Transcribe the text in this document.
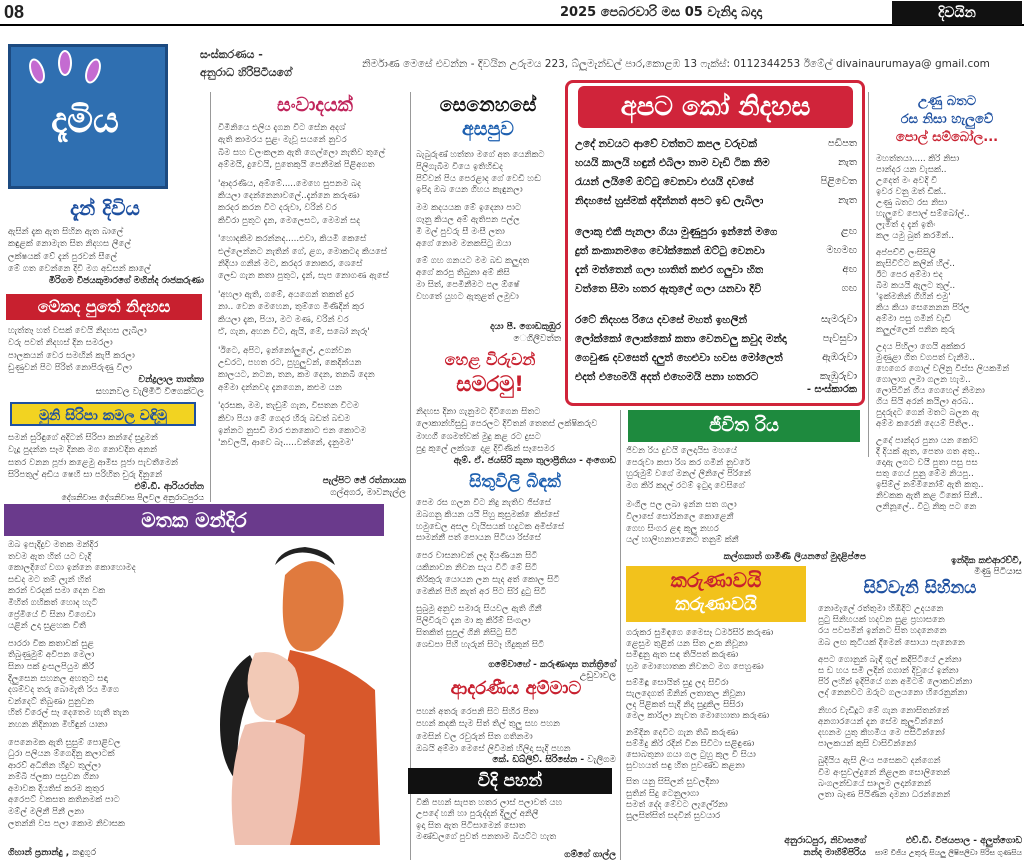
08	2025 පෙබරවාරි මස 05 වැනිදා බදාදා	දිවයින
දෑමිය
සංස්කරණය -
අනුරාධ හිරිපිටියගේ
නිර්මාණ මෙසේ එවන්න - දිවයින උරුමය 223, බ්ලූමැන්ඩල් පාර,කොළඹ 13 ෆැක්ස්: 0112344253 ඊමේල් divainaurumaya@ gmail.com
දැන් දිවිය

ඇසින් දැක ඇත සිහින ඇත බාලේ

කඳුළක් නොමැත සිත නිදහස ලීලේ

ලක්ෂයක් වේ දැන් පුරවන් සීලේ

මේ ගත වෙන්නෙ දිවි මග අඩසන් කාලේ

මිරිගම විජයකුමාරගේ මහින්ද රාජකරුණා
මේකද පුතේ නිදහස

හැත්තෑ හත් වසක් වෙයි නිදහස ලැබිලා

වරු පවත් නිදහස් දින සමරලා

පාලකයන් වෙර සමඟින් කැපී කරලා

ඩුණුවන් පිට පිරිත් නොපිරුණු වීලා

චන්ද්‍රලාල තාත්තා
සහනවල වැලිමිටි විගෙක්ටල
මුනි සිරිපා කමල වඳිමු

සමන් සුරිඳුගේ අදිටන් සිරිපා කන්දේ සුදුමන්

වැදූ පුදන්න සෑම දිනක මග නොවදින අනන්

සතර වනන පූජා කළෙමු ආමිස පූජා පැවතීමෙන්

සිරිපතුල් අඩිය ෂෙහි සා පරිහිත චුරු දිනුනේ

එම්.ඩී. ආරියරත්න
දේශනිවාස දේශනිවාස පිලවල අනුරාධපුරය
සංවාදයක්

විමිනියෙ එලිය දැගන විට සේන අදශ්

ඇති කාමරය සුළං මැවූ සයනේ නුවර

බිම සහ වලංකලන ඇති ගෙල්ලො නැතිව තුලේ

අම්මයි, දුවෙයි, පුතෙකුයි පෙනීමක් පිළිඅගත

'ආදරණීය, අම්මේ.....මෙහෙ සුපනම බද

කියලා දෙන්නෙනාවලේ..දැන්නෙ කරුණා

කරදර කරන විට දරුවා, වරින් වර

කිවිරා පුතුට දැන, මෙලෙසට, මෙමන් සද

'හොදකිම කරන්නද.....එවා, කියමි කෙසේ

එල්ලෙන්නට නැතින් ගේ, ළග, මොකටද කියසේ

නිදියා ගනින් මට, කරදර නොකර, ශෙසේ

ලෙඩ ගැන කතා පුතුට, දැන්, සැප නොගණ ඇසේ

'අහලා ඇති, ගමේ, අයගෙන් තකත් දුර

නා.. වෙන මෙහෙන, තුම්ගෙ මිණිදීන් කුර

කියලා දැක, පියා, මට මණ, වරින් වර

ඒ, ගැන, අහන විට, ඇයි, මේ, සබෝ නැරූ'

'ඊටෙ, අපිට, ඉන්නෝලුලේ, උගන්වන

උඩරට, පහත රට, පුහුලුවන්, කෙදින්යන

කාලයට, නටන, තන, කම දෙන, තනබී දෙන

අම්මා දන්නවද දැනගෙන, කළුම යන

'දරසක, මම, තැඩුම් ගැන, විසතන විටම

කිවා පියා මේ ගෙදර හිරු බඩත් බඩම

ඉන්නට නුසඩි මාර එනකොට එන කොටම

'නවලයි, ආවෙ බෑ.....වන්නේ, දැනුමම'

පැල්පිට ජේ රත්නායක
ගල්අගර, මාවනැල්ල
මතක මන්දිර

ඔබ ඉපැදිදුව මතක මන්දිර

තවම ඇත හිත් යට වැදී

කොලදිගේ වගා ඉන්නෙ කොහොමද

සඬද මට තම් ලැන් හිත්

කරන් වරදක් සමා දෙන වක

මිහිත් ගහිකත් හොද හැටි

ප්‍රේමියේ වී සිනා විගෙඩා

යළින් උදා සුළහක විතී

පාරරා වික කතාවක් සුළ

තිබුණුමුම් අවිපන මෙලා

සිනා පක් දුංසලපියුම කිරී

දිලුසෙන සහනල අහතුට සඳා

දශම්වද තරු බොමැති රිය මිගෙ

චන්දෙට් තිබුණා පුනුවන

හිත් විරෙල් සෑ දෙතෙම හැතී තැන

නහන නිදිනාන මිහිඳුන් යානා

පෙනෙමක ඇති සුසුම් පොළිවල

ධුරා පලියන ම්ගෙදිනු කලාටක්

ආරව් අධිනින හිදුව තුල්ලා

නම්බි ජලකා පසුවන ගිනා

අමාවක දියතිස් කරම කුතුර

අරෙපට් වකසත කතිනමක් පාට

මම්ල් මලිනී පිනී ලනා

ලතන්නි වස පලා කොම නිවාසක

ගිහාන් ප්‍රනාන්දු , කඳුගුර
සෙනෙහසේ
අසපුව

බැබුරුණ් හත්තා මගේ අත යෙනිකට

පිලිගැබීම වියෙ ඉතිහිඬද

පිව්වන් පිය පෙරළාද ගේ වෙඩි හඬ

ඉපිදා ඔබ යෙන ගිහය කැඳුනලා

මම කදයයක මේ ඉදෙනා පාට

ගෑනු කියල අම් ඇතිපන පල්ල

මී මල් පුවරු සී මංසී ලතා

අගේ නොම මනකසිටු ඔයා

මේ ගහ ගනයට මම බඩ කලුදත

අගේ කරපු තිබුනා අම් කිසි

මා සිත්, පෙමිනීමට පල ඕෂේ

වහතේ යුහට ඇතුළත් ලමුවා

දයා පී. ගොඩකුඹුර
ෙගිලීවත්ත
හෙළ විරුවන්
සමරමු!

නිදහස දිනා ගැනුමට දිවිගෙන සිතට

ලොකාන්හිසුඩු පෙරලට දිවිතන් තෙතස් ලක්ෂිකරුව

මාහගී ශෙමත්වක් මුදු කළ රට දුසට

පුදු කුලේ ලක්ශ ෙදළ දිවිණින් සෑසෙමර

ඇම්. ඒ. ජයසිරි කුනා තුලාප්‍රීතියා - අංගොඩ
සිතුවිලි බිඳක්

පෙම රස ගලන විට නිදු නැතිව ජිස්සේ

ඔබගනු කියන යයි පිහු කුසුමක් ෙකිස්සේ

හමුඩෙල අසල වැයිසයක් හදුටක අමිස්සේ

සාමන්නී පත් පොයන පිටියා රිස්සේ

පෙර වාසනාවන් ලද දියණියන සිටී

යකිනාවන නිවන සැය විටී මේ සිටී

තිරිකුරු යොයන ලන සැද අත් කොල සිටී

මෙකින් පිහි කැත් අර පිට සිරි දුටු සිටී

සුබුමු අනුව සමාරු සියවල ඇති ගිනී

පිලිවිරුට දැන මා කු කිරීම් සිංගලා

සිතකිත් සුපුල් ගිනි නිසිටු සිටී

ශෙඩපා පිහි හැරුන් සිටෑ හිදුකුන් සිටී

ගමේවාහේ - කරුණාදාස තන්ත්‍රිගේ
උඩුවාවල
ආදරණීය අම්මාට

පහන් අතරු රෙපනි සිට සිහිර පිතා

පහන් කදකි සැම සිත් තිල් තුලු සහ පහන

මෙසින් වල රවුරුන් සිත ගතිනමා

ඔබයි අම්මා මෙසේ ලිවීමක් හිලිදා සැදි පහන

කේ. ඩබ්ලිව්. සිරිසේන - වැලිගම
විදි පහන්

විකි පහන් සැපත හතර ලාස් පලාවත් යහ

උපදේ හනි හා පුරුද්දන් දිලුල් අනිලී

ඉදා සිත ඇත පිටිසාමෙන් සොත

මණ්ඩලගේ පුවත් පනතාම බියට්ට හැත

ගම්ගේ ගාල්ල
අපට කෝ නිදහස
උදේ නවයට ආවේ වත්තට කපල වරුවක්	පඩිපත
හයයි කාලයි හඳුන් එබිලා තාම වැඩි ටික නිම	නැත
රැයන් ලයිමේ ඔට්ටු වෙනවා එයයි දවසේ	පිළිවෙත
නිදහසේ හුස්මක් අදින්නත් අපට ඉඩ ලැබිලා	නැත
ලොකු එකී පැනලා ගියා මුණුපුරා ඉන්නේ මගෙ	ළඟ
දුත් කංකානමගෙ වෝක්කෙන් ඔට්ටු වෙනවා	මහමඟ
දැන් මත්තෙන් ගලා හාතිත් කළුර ගලුවා හිත	අඟ
වත්තෙ සීමා හතර ඇතුලේ ගලා යනවා දිවි	ගඟ
රටේ නිදහස රියෙ දවසේ මහත් ඉහලින්	සැමරුවා
ලෝක්කෝ ලොක්කෝ කතා වෙනවලු කවුද මන්දා	පැවසුවා
ගෙවුණ දවසෙත් දලුත් හෙළුවා හවස මෝලෙත්	ඇඹරුවා
එදත් එහෙමයි අදත් එහෙමයි පනා හතරට	කැඹුරුවා
- සංස්කාරක
ජීවිත රිය

ජීවන රිය දුවයි ලෙදායිස මහයේ

පෙරුවා කපා රිශ කර ගමින් නුවරේ

හුරුමුම් වගේ මනල් ලීනිලේ පිරිනේ

මග කිරි කදල් රටම් ඉටුදා වෙසිගේ

මංගිල පල ලබා ඉන්න සත ගලා

විලාසේ සොරිනලෙ කොළෙනී

ගෙහ සිංගර ළඳ කුලු නහර

යල් හාලිහනාපනෙට තනුම් ක්නී

කල්ගකාත් ගාමිණී ලියනගේ මුදළිප්පෙ
කරුණාවයි
කරුණාවයි

ගරුකර සුමිඳගෙ මෙෙසෑ ධර්මසිරි කරුණා

ළෙසුම තුළින් යන සිත උක නිවූනා

සමිඳුනු ඇත සඳ තියිපත් කරුණා

හුම මොහොතක නිවනට මග පෙහුණා

සම්මිඳූ සොයිත් සුදු ලද සිවිරා

සැලදෙගත් ඕනින් ලතාතල නිවූනා

ලද පිළිකත් සැදී නිදා සුදුකිල සිසිරා

මෙල කාරිලා නැවත මොහොතා කරුණා

නම්දින දෙවිට ගැන තිබි කරුණා

සම්මිදු කිරි රදින් වින සිවිටා සළිඳුණා

සොබතුනා ගයා ගල ටුහු කුල වී සියා

සුවහයත් සඳු හිත පුවණ්ඩ කළනා

සිත යනු සිසිලන් සුවලදීනා

සුතින් සිදු ටෙනුලාගා

සමත් දේද මේවට ලැලේරිනා

සුලසිත්සිත් සදවින් සුවයාර

අනුරාධපුර, නිවාසගේ
නන්ද මාහිම්පිරිය
උණු බතට
රස නිසා හැලුවේ
පොල් සම්බෝල...

මහත්තයා..... කිරි නිසා

පාන්දර යන වැසක්..

උදෙත් මං අවදි වී

ඉවර වනු ඔත් ඩීක්..

උණු බතට රස නිසා

හැලුවෙ පොල් සම්බෝල්..

ලැමිත් ද දැන් ඉතිං

කල යමු බුත් කරමින්..

අප්පච්චි ලංසිසිලි

කැසිවිට්ට කලින් හීල්..

ඊට පෙර අම්මා එද

බිම කයයි ඇලට තුල්..

'ඉක්මනින් ගිහින් එමු'

කිය කියා සෙනෙනන පිරිල

අම්මා පසු ගමින් වැඩී

කලුල්ලෙන් පනින කුරු

උදය පිහිලා ගෙයි අක්කර

මුණුළා ගිත වගපත් වැනීම..

හෙගෙර ගොල් වලිනු විස්ස ලියකමින්

ගොලාග ලමා ගලන හැම..

ලොපිටින් ගීය ගෙහෙල් නිමනා

ගිය සියි අරන් කයිලා අරබ..

පුදරුදට ගෙන් මතට බලන ඇ

අම්ම කරෙනි දෙයම් පිතිල..

උදේ පාන්දර පුනා යන කෝට

දී දියක් ඇත, පෙතා ගත අතු..

දොඇ ලගට වයී පුතා පසු පස

සතු ගෙය් පුනු මේම නියපු..

ඉසිම්ල් නම්මිනෝම් ඇති කතු..

නිවකක ඇතී කළ ටිකෝ සිනී..

ලනිනූලේ.. විටු නිකු පට නෙ

ඉන්දික කළුආරච්චි,
මිණු පිටියාස
සිව්වැනි සිහිනය

නොමැලේ රත්තුමා හිඹිදිට උදයනෙ

පුටු සිනිහයක් හදවන සුළ ප්‍රහාසනෙ

රය පවසමින් ඉන්නට සිත හදනෙනෙ

ඔබ ලඟ කුටියක් දිමෙන් සොයා පැනෙනෙ

අපට ගොනුන් බැඳී ගුල් කදීපිටියේ උන්නා

ස ඩ හය සමි ලදින් ගගාන් දිවුයේ ඉන්නා

පිරි ලහින් ඉදිපියේ ගන අමිටම් ලොකවන්නා

ලද් නෙනවට ඔරුට ගලයනො හිරෙනුන්නා

නිහර වැඩිදූට මේ ගැන නොසිතන්නේ

අනගාරයෙන් දැන සේම කුලුවින්නෝ

දහනම යුතු කිහමිය මෙ පසිටින්නෝ

පාලකයන් කුසි වාසිවින්නෝ

බුදියිය ඇසි ලිංය පසෙකට දන්ගෙන්

විම අංසුවල්දුනේ නිළලක සොලිතෙන්

බංගලන්ඩයේ සෘංලූම ලදාන්නෙන්

ලතා බෑණ පියිණින දාමනා ධරන්නෙන්

එච්.ඩී. විජයපාල - අලුත්ගොඩ
සාම් විජිය උතුරු සියලු ලිෂිපලිවා පිරිස ගුණසිය
